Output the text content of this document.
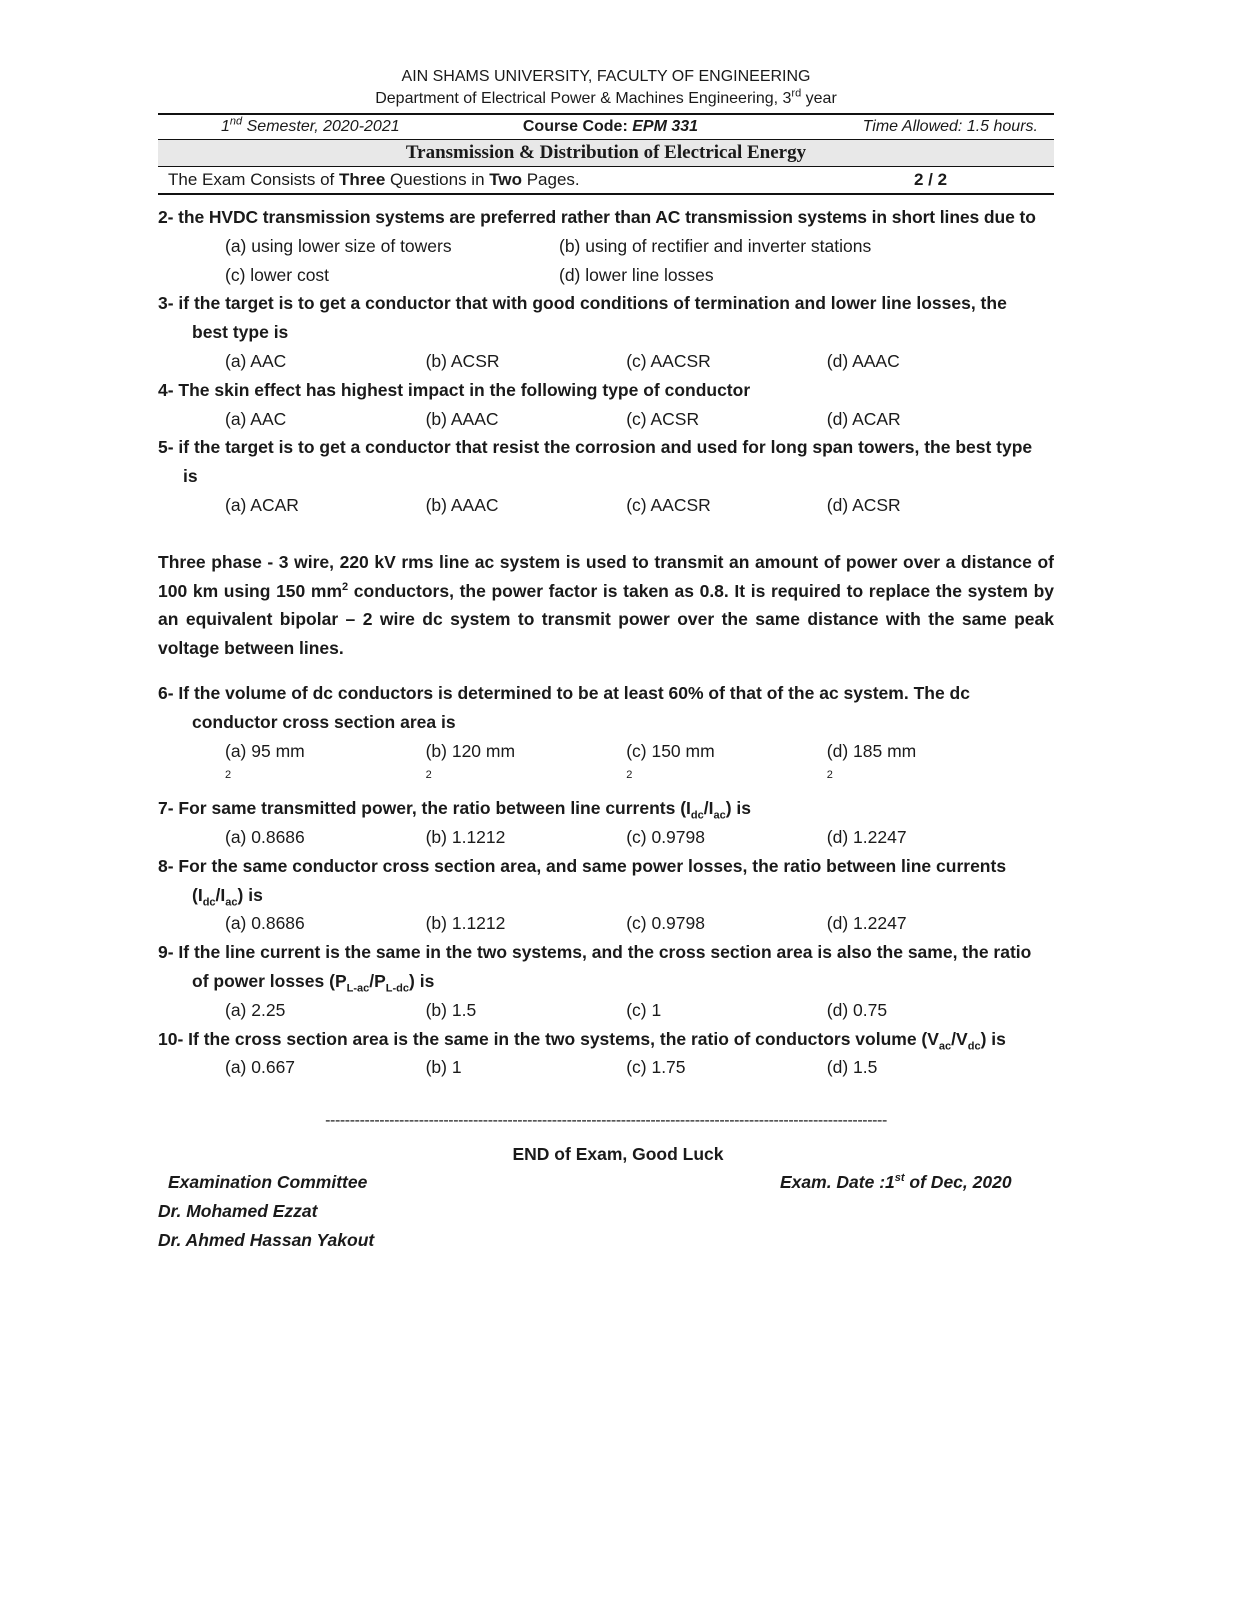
AIN SHAMS UNIVERSITY, FACULTY OF ENGINEERING
Department of Electrical Power & Machines Engineering, 3rd year
1nd Semester, 2020-2021	Course Code: EPM 331	Time Allowed: 1.5 hours.
Transmission & Distribution of Electrical Energy
The Exam Consists of Three Questions in Two Pages.	2 / 2
2- the HVDC transmission systems are preferred rather than AC transmission systems in short lines due to
(a) using lower size of towers	(b) using of rectifier and inverter stations
(c) lower cost	(d) lower line losses
3- if the target is to get a conductor that with good conditions of termination and lower line losses, the
best type is
(a) AAC	(b) ACSR	(c) AACSR	(d) AAAC
4- The skin effect has highest impact in the following type of conductor
(a) AAC	(b) AAAC	(c) ACSR	(d) ACAR
5- if the target is to get a conductor that resist the corrosion and used for long span towers, the best type
is
(a) ACAR	(b) AAAC	(c) AACSR	(d) ACSR
Three phase - 3 wire, 220 kV rms line ac system is used to transmit an amount of power over a distance of 100 km using 150 $mm^2$ conductors, the power factor is taken as 0.8. It is required to replace the system by an equivalent bipolar – 2 wire dc system to transmit power over the same distance with the same peak voltage between lines.
6- If the volume of dc conductors is determined to be at least 60% of that of the ac system. The dc
conductor cross section area is
(a) 95 $mm^2$
(b) 120 $mm^2$
(c) 150 $mm^2$
(d) 185 $mm^2$
7- For same transmitted power, the ratio between line currents $(I_{dc}/I_{ac})$ is
(a) 0.8686	(b) 1.1212	(c) 0.9798	(d) 1.2247
8- For the same conductor cross section area, and same power losses, the ratio between line currents
$(I_{dc}/I_{ac})$ is
(a) 0.8686	(b) 1.1212	(c) 0.9798	(d) 1.2247
9- If the line current is the same in the two systems, and the cross section area is also the same, the ratio
of power losses $(P_{L-ac}/P_{L-dc})$ is
(a) 2.25	(b) 1.5	(c) 1	(d) 0.75
10- If the cross section area is the same in the two systems, the ratio of conductors volume $(V_{ac}/V_{dc})$ is
(a) 0.667	(b) 1	(c) 1.75	(d) 1.5
------------------------------------------------------------------------------------------------------------------
END of Exam, Good Luck
Examination Committee
Dr. Mohamed Ezzat
Dr. Ahmed Hassan Yakout
Exam. Date :1st of Dec, 2020
